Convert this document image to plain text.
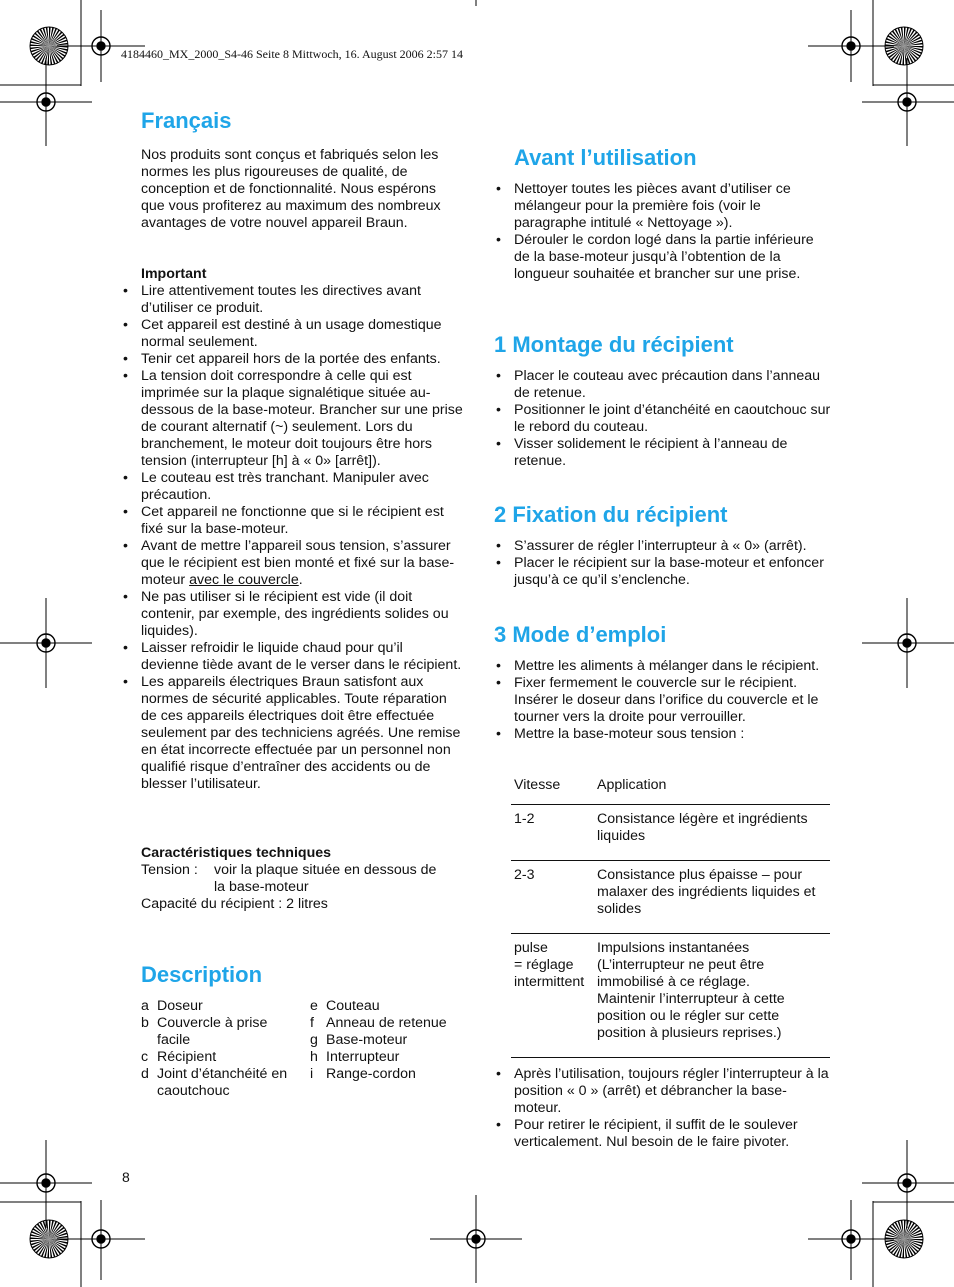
4184460_MX_2000_S4-46 Seite 8 Mittwoch, 16. August 2006 2:57 14
Français

Nos produits sont conçus et fabriqués selon les normes les plus rigoureuses de qualité, de conception et de fonctionnalité. Nous espérons que vous profiterez au maximum des nombreux avantages de votre nouvel appareil Braun.

Important

• Lire attentivement toutes les directives avant d’utiliser ce produit.
• Cet appareil est destiné à un usage domestique normal seulement.
• Tenir cet appareil hors de la portée des enfants.
• La tension doit correspondre à celle qui est imprimée sur la plaque signalétique située au-dessous de la base-moteur. Brancher sur une prise de courant alternatif (~) seulement. Lors du branchement, le moteur doit toujours être hors tension (interrupteur [h] à « 0» [arrêt]).
• Le couteau est très tranchant. Manipuler avec précaution.
• Cet appareil ne fonctionne que si le récipient est fixé sur la base-moteur.
• Avant de mettre l’appareil sous tension, s’assurer que le récipient est bien monté et fixé sur la base-moteur avec le couvercle.
• Ne pas utiliser si le récipient est vide (il doit contenir, par exemple, des ingrédients solides ou liquides).
• Laisser refroidir le liquide chaud pour qu’il devienne tiède avant de le verser dans le récipient.
• Les appareils électriques Braun satisfont aux normes de sécurité applicables. Toute réparation de ces appareils électriques doit être effectuée seulement par des techniciens agréés. Une remise en état incorrecte effectuée par un personnel non qualifié risque d’entraîner des accidents ou de blesser l’utilisateur.

Caractéristiques techniques

Tension :	voir la plaque située en dessous de la base-moteur

Capacité du récipient : 2 litres

Description
a Doseur
b Couvercle à prise facile
c Récipient
d Joint d’étanchéité en caoutchouc
e Couteau
f Anneau de retenue
g Base-moteur
h Interrupteur
i Range-cordon
8
Avant l’utilisation
• Nettoyer toutes les pièces avant d’utiliser ce mélangeur pour la première fois (voir le paragraphe intitulé « Nettoyage »).
• Dérouler le cordon logé dans la partie inférieure de la base-moteur jusqu’à l’obtention de la longueur souhaitée et brancher sur une prise.
1 Montage du récipient
• Placer le couteau avec précaution dans l’anneau de retenue.
• Positionner le joint d’étanchéité en caoutchouc sur le rebord du couteau.
• Visser solidement le récipient à l’anneau de retenue.
2 Fixation du récipient
• S’assurer de régler l’interrupteur à « 0» (arrêt).
• Placer le récipient sur la base-moteur et enfoncer jusqu’à ce qu’il s’enclenche.
3 Mode d’emploi
• Mettre les aliments à mélanger dans le récipient.
• Fixer fermement le couvercle sur le récipient. Insérer le doseur dans l’orifice du couvercle et le tourner vers la droite pour verrouiller.
• Mettre la base-moteur sous tension :
Vitesse	Application
1-2	Consistance légère et ingrédients liquides
2-3	Consistance plus épaisse – pour malaxer des ingrédients liquides et solides
pulse
= réglage intermittent	Impulsions instantanées
(L’interrupteur ne peut être
immobilisé à ce réglage.
Maintenir l’interrupteur à cette position ou le régler sur cette position à plusieurs reprises.)
• Après l’utilisation, toujours régler l’interrupteur à la position « 0 » (arrêt) et débrancher la base-moteur.
• Pour retirer le récipient, il suffit de le soulever verticalement. Nul besoin de le faire pivoter.
